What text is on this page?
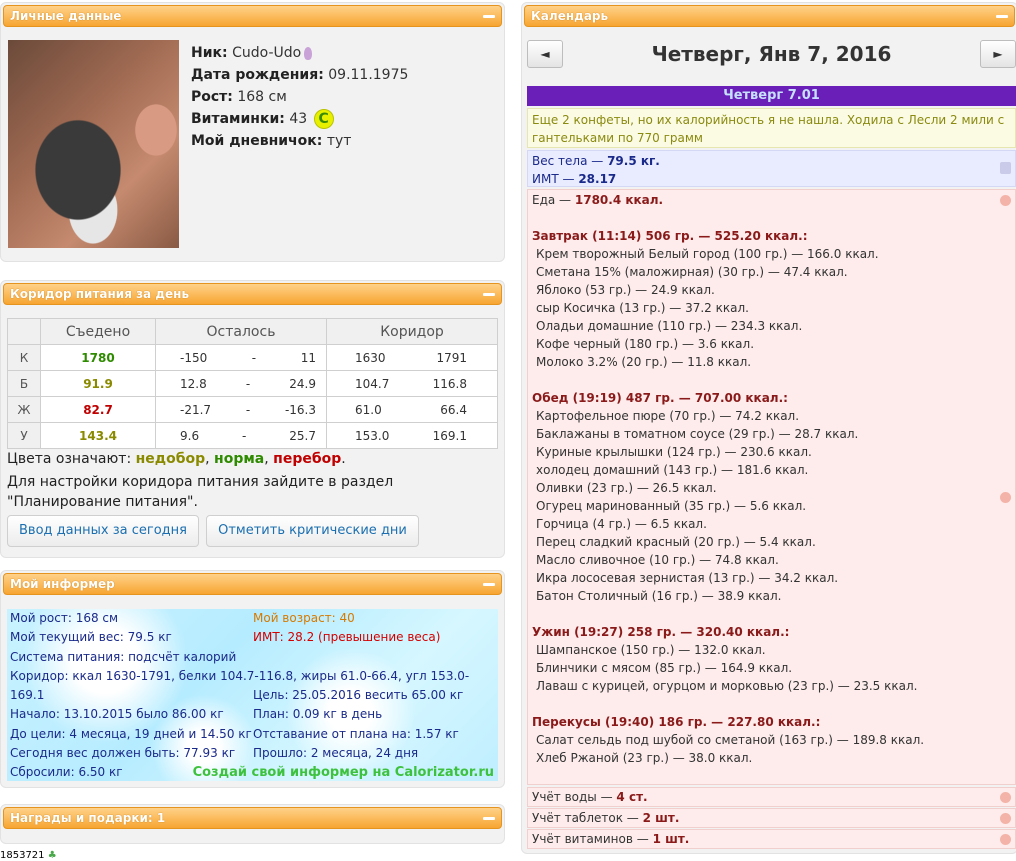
Личные данные
Ник: Cudo-Udo
Дата рождения: 09.11.1975
Рост: 168 см
Витаминки: 43 C
Мой дневничок: тут
Коридор питания за день
	Съедено	Осталось	Коридор
К	1780	-150 - 11	1630 1791

Б	91.9	12.8 - 24.9	104.7 116.8

Ж	82.7	-21.7 - -16.3	61.0 66.4

У	143.4	9.6 - 25.7	153.0 169.1
Цвета означают: недобор, норма, перебор.
Для настройки коридора питания зайдите в раздел "Планирование питания".
Ввод данных за сегодня	Отметить критические дни
Мой информер
Мой рост: 168 см
Мой текущий вес: 79.5 кг
Система питания: подсчёт калорий
Коридор: ккал 1630-1791, белки 104.7-116.8, жиры 61.0-66.4, угл 153.0-169.1
Начало: 13.10.2015 было 86.00 кг
До цели: 4 месяца, 19 дней и 14.50 кг
Сегодня вес должен быть: 77.93 кг
Сбросили: 6.50 кг
Мой возраст: 40
ИМТ: 28.2 (превышение веса)

Цель: 25.05.2016 весить 65.00 кг
План: 0.09 кг в день
Отставание от плана на: 1.57 кг
Прошло: 2 месяца, 24 дня
Создай свой информер на Calorizator.ru
Награды и подарки: 1
1853721 ♣
Календарь
Четверг, Янв 7, 2016
◄	►
Четверг 7.01
Еще 2 конфеты, но их калорийность я не нашла. Ходила с Лесли 2 мили с гантельками по 770 грамм
Вес тела — 79.5 кг.
ИМТ — 28.17
Еда — 1780.4 ккал.
Завтрак (11:14) 506 гр. — 525.20 ккал.:
Крем творожный Белый город (100 гр.) — 166.0 ккал.
Сметана 15% (маложирная) (30 гр.) — 47.4 ккал.
Яблоко (53 гр.) — 24.9 ккал.
сыр Косичка (13 гр.) — 37.2 ккал.
Оладьи домашние (110 гр.) — 234.3 ккал.
Кофе черный (180 гр.) — 3.6 ккал.
Молоко 3.2% (20 гр.) — 11.8 ккал.
Обед (19:19) 487 гр. — 707.00 ккал.:
Картофельное пюре (70 гр.) — 74.2 ккал.
Баклажаны в томатном соусе (29 гр.) — 28.7 ккал.
Куриные крылышки (124 гр.) — 230.6 ккал.
холодец домашний (143 гр.) — 181.6 ккал.
Оливки (23 гр.) — 26.5 ккал.
Огурец маринованный (35 гр.) — 5.6 ккал.
Горчица (4 гр.) — 6.5 ккал.
Перец сладкий красный (20 гр.) — 5.4 ккал.
Масло сливочное (10 гр.) — 74.8 ккал.
Икра лососевая зернистая (13 гр.) — 34.2 ккал.
Батон Столичный (16 гр.) — 38.9 ккал.
Ужин (19:27) 258 гр. — 320.40 ккал.:
Шампанское (150 гр.) — 132.0 ккал.
Блинчики с мясом (85 гр.) — 164.9 ккал.
Лаваш с курицей, огурцом и морковью (23 гр.) — 23.5 ккал.
Перекусы (19:40) 186 гр. — 227.80 ккал.:
Салат сельдь под шубой со сметаной (163 гр.) — 189.8 ккал.
Хлеб Ржаной (23 гр.) — 38.0 ккал.
Учёт воды — 4 ст.
Учёт таблеток — 2 шт.
Учёт витаминов — 1 шт.
